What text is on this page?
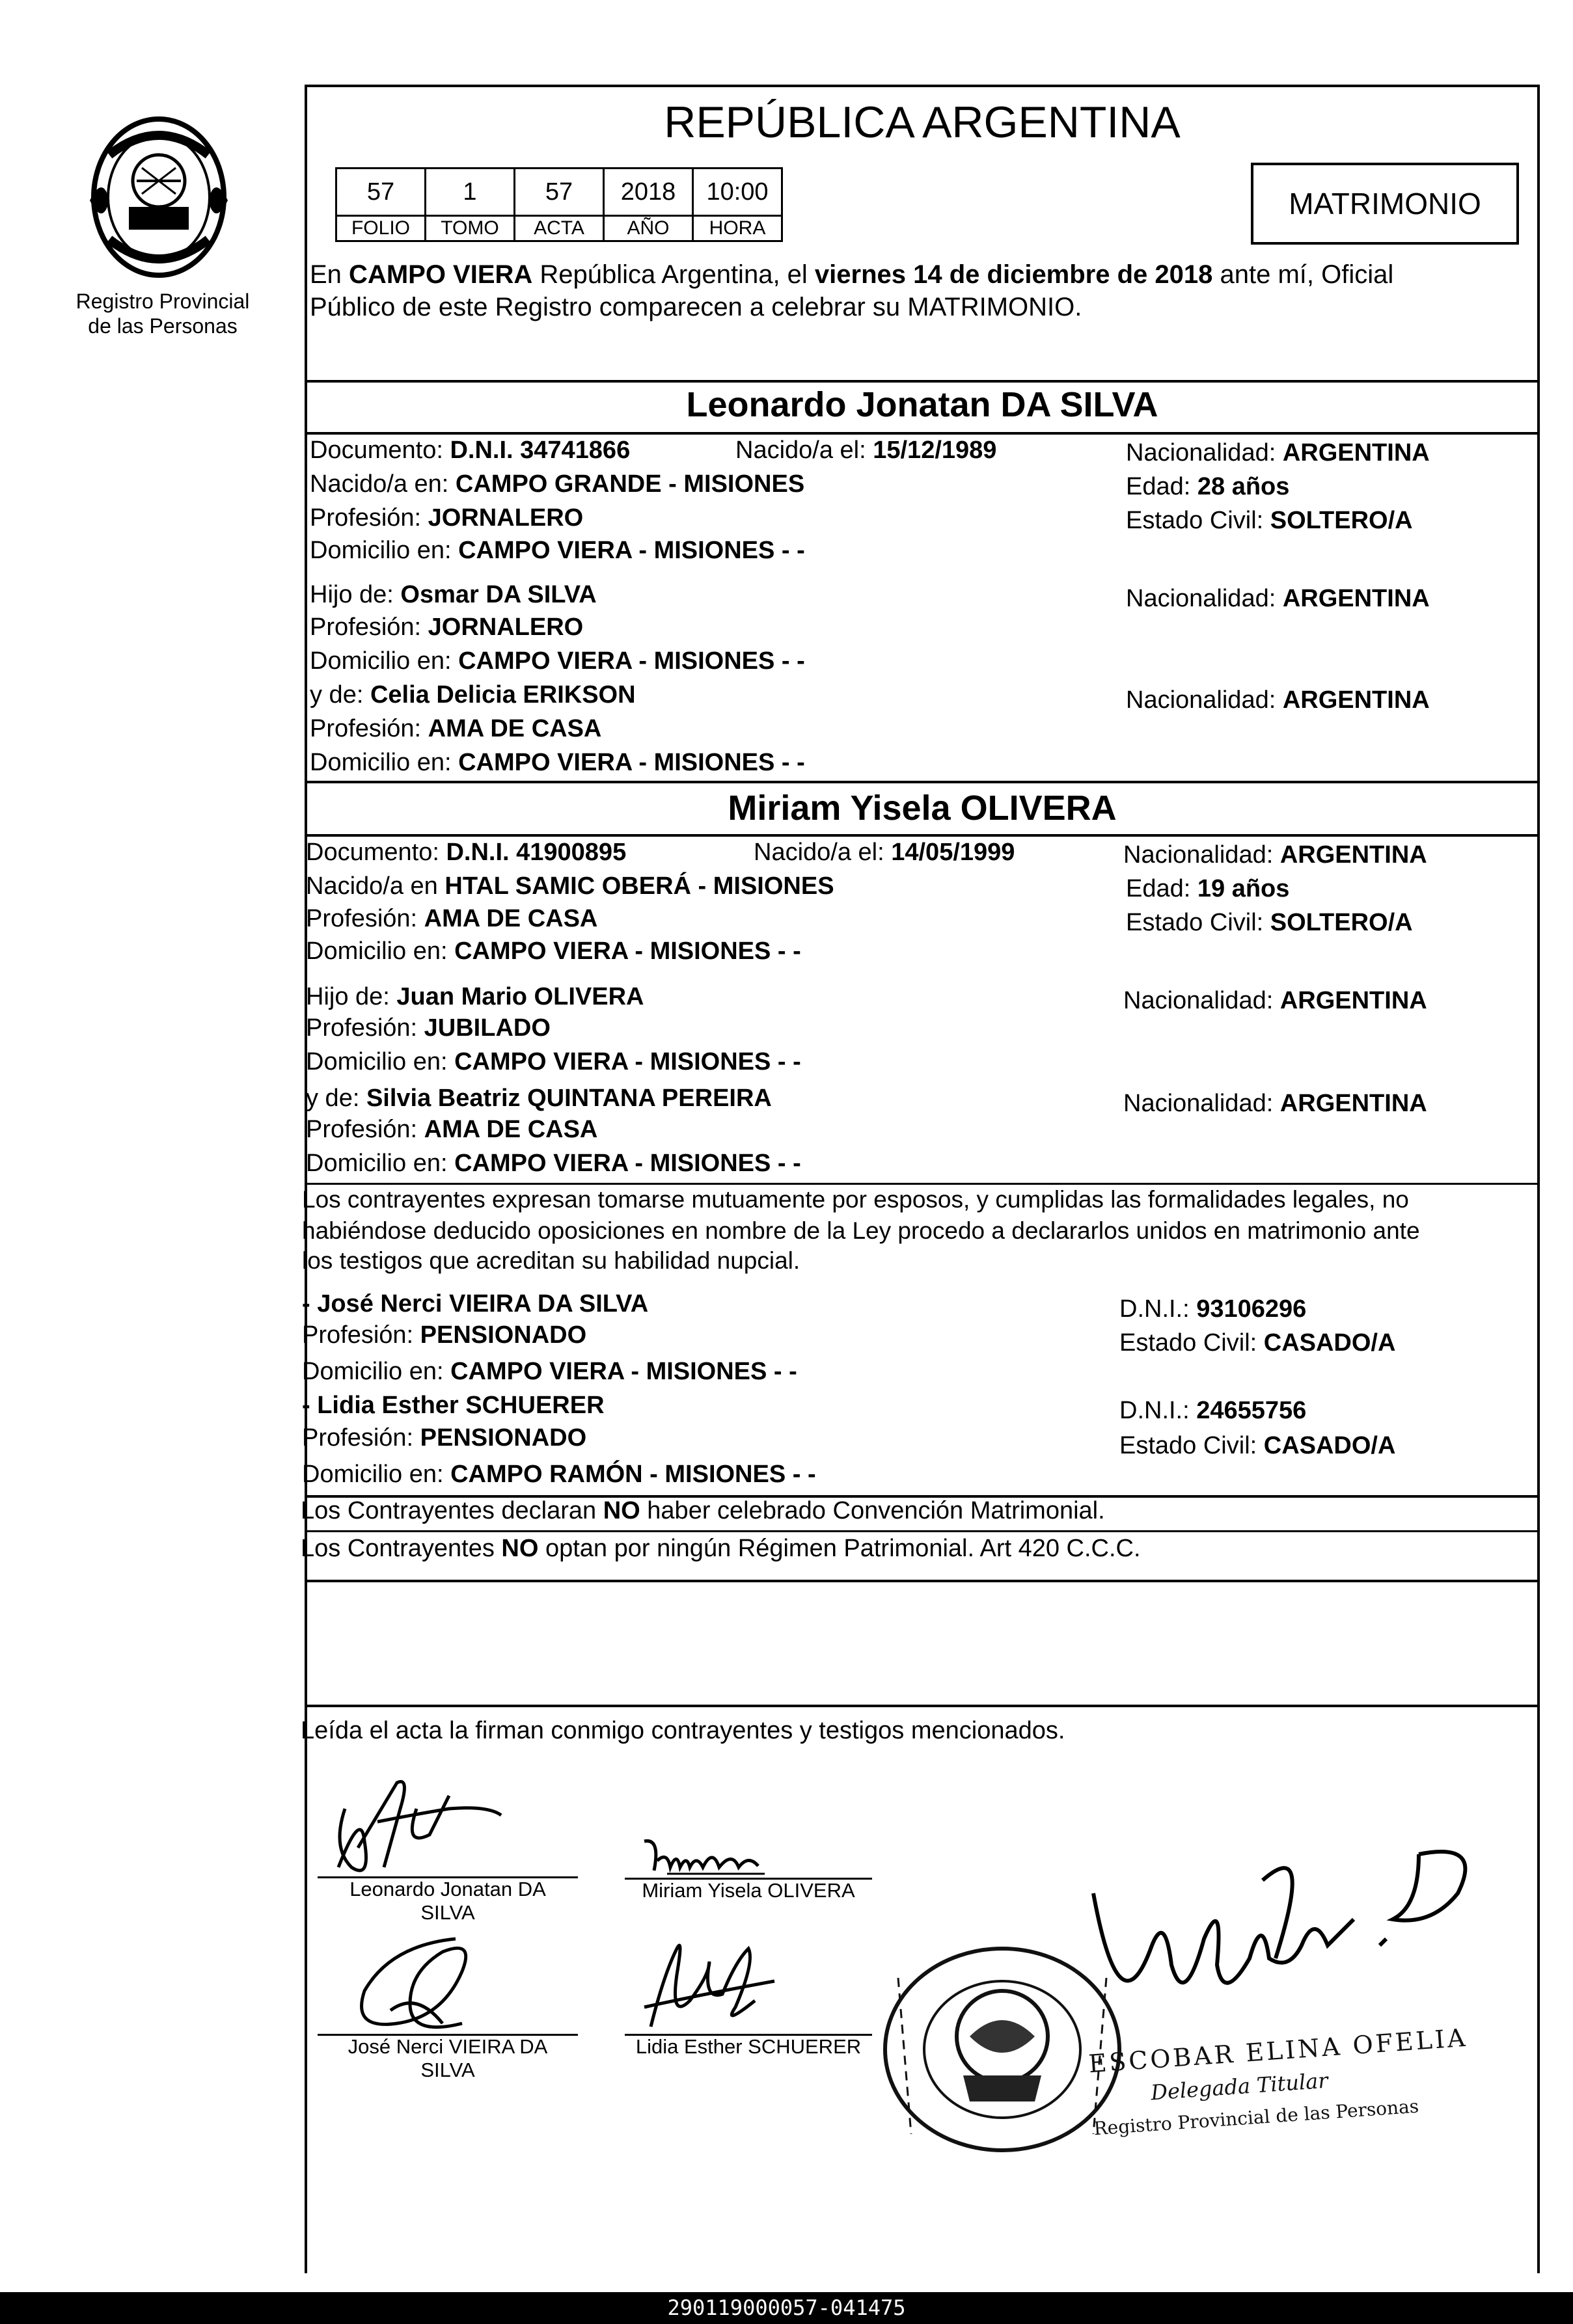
Registro Provincial
de las Personas
REPÚBLICA ARGENTINA
57	1	57	2018	10:00
FOLIO	TOMO	ACTA	AÑO	HORA
MATRIMONIO
En CAMPO VIERA República Argentina, el viernes 14 de diciembre de 2018 ante mí, Oficial
Público de este Registro comparecen a celebrar su MATRIMONIO.
Leonardo Jonatan DA SILVA
Documento: D.N.I. 34741866	Nacido/a el: 15/12/1989	Nacionalidad: ARGENTINA
Nacido/a en: CAMPO GRANDE - MISIONES	Edad: 28 años
Profesión: JORNALERO	Estado Civil: SOLTERO/A
Domicilio en: CAMPO VIERA - MISIONES - -
Hijo de: Osmar DA SILVA	Nacionalidad: ARGENTINA
Profesión: JORNALERO
Domicilio en: CAMPO VIERA - MISIONES - -
y de: Celia Delicia ERIKSON	Nacionalidad: ARGENTINA
Profesión: AMA DE CASA
Domicilio en: CAMPO VIERA - MISIONES - -
Miriam Yisela OLIVERA
Documento: D.N.I. 41900895	Nacido/a el: 14/05/1999	Nacionalidad: ARGENTINA
Nacido/a en HTAL SAMIC OBERÁ - MISIONES	Edad: 19 años
Profesión: AMA DE CASA	Estado Civil: SOLTERO/A
Domicilio en: CAMPO VIERA - MISIONES - -
Hijo de: Juan Mario OLIVERA	Nacionalidad: ARGENTINA
Profesión: JUBILADO
Domicilio en: CAMPO VIERA - MISIONES - -
y de: Silvia Beatriz QUINTANA PEREIRA	Nacionalidad: ARGENTINA
Profesión: AMA DE CASA
Domicilio en: CAMPO VIERA - MISIONES - -
Los contrayentes expresan tomarse mutuamente por esposos, y cumplidas las formalidades legales, no
habiéndose deducido oposiciones en nombre de la Ley procedo a declararlos unidos en matrimonio ante
los testigos que acreditan su habilidad nupcial.
- José Nerci VIEIRA DA SILVA	D.N.I.: 93106296
Profesión: PENSIONADO	Estado Civil: CASADO/A
Domicilio en: CAMPO VIERA - MISIONES - -
- Lidia Esther SCHUERER	D.N.I.: 24655756
Profesión: PENSIONADO	Estado Civil: CASADO/A
Domicilio en: CAMPO RAMÓN - MISIONES - -
Los Contrayentes declaran NO haber celebrado Convención Matrimonial.
Los Contrayentes NO optan por ningún Régimen Patrimonial. Art 420 C.C.C.
Leída el acta la firman conmigo contrayentes y testigos mencionados.
Leonardo Jonatan DA
SILVA
Miriam Yisela OLIVERA
José Nerci VIEIRA DA
SILVA
Lidia Esther SCHUERER	ESCOBAR ELINA OFELIA
Delegada Titular
Registro Provincial de las Personas
290119000057-041475
